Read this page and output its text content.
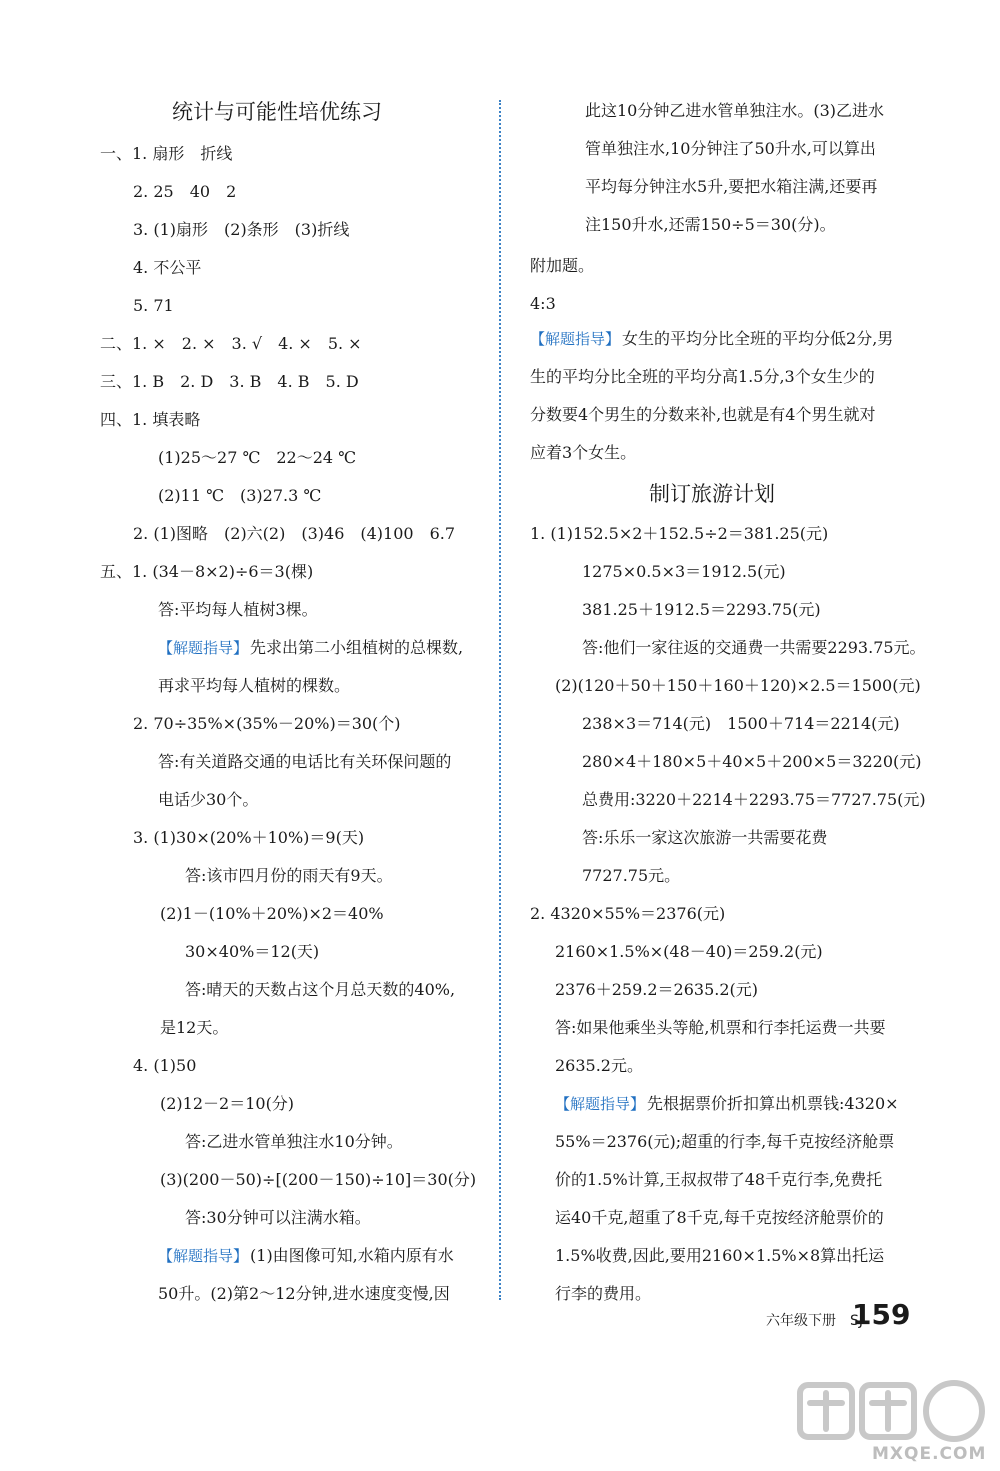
统计与可能性培优练习
一、1. 扇形　折线
2. 25　40　2
3. (1)扇形　(2)条形　(3)折线
4. 不公平
5. 71
二、1. ×　2. ×　3. √　4. ×　5. ×
三、1. B　2. D　3. B　4. B　5. D
四、1. 填表略
(1)25～27 ℃　22～24 ℃
(2)11 ℃　(3)27.3 ℃
2. (1)图略　(2)六(2)　(3)46　(4)100　6.7
五、1. (34－8×2)÷6＝3(棵)
答:平均每人植树3棵。
【解题指导】 先求出第二小组植树的总棵数,
再求平均每人植树的棵数。
2. 70÷35%×(35%－20%)＝30(个)
答:有关道路交通的电话比有关环保问题的
电话少30个。
3. (1)30×(20%＋10%)＝9(天)
答:该市四月份的雨天有9天。
(2)1－(10%＋20%)×2＝40%
30×40%＝12(天)
答:晴天的天数占这个月总天数的40%,
是12天。
4. (1)50
(2)12－2＝10(分)
答:乙进水管单独注水10分钟。
(3)(200－50)÷[(200－150)÷10]＝30(分)
答:30分钟可以注满水箱。
【解题指导】 (1)由图像可知,水箱内原有水
50升。(2)第2～12分钟,进水速度变慢,因
此这10分钟乙进水管单独注水。(3)乙进水
管单独注水,10分钟注了50升水,可以算出
平均每分钟注水5升,要把水箱注满,还要再
注150升水,还需150÷5＝30(分)。
附加题。
4:3
【解题指导】 女生的平均分比全班的平均分低2分,男
生的平均分比全班的平均分高1.5分,3个女生少的
分数要4个男生的分数来补,也就是有4个男生就对
应着3个女生。
制订旅游计划
1. (1)152.5×2＋152.5÷2＝381.25(元)
1275×0.5×3＝1912.5(元)
381.25＋1912.5＝2293.75(元)
答:他们一家往返的交通费一共需要2293.75元。
(2)(120＋50＋150＋160＋120)×2.5＝1500(元)
238×3＝714(元)　1500＋714＝2214(元)
280×4＋180×5＋40×5＋200×5＝3220(元)
总费用:3220＋2214＋2293.75＝7727.75(元)
答:乐乐一家这次旅游一共需要花费
7727.75元。
2. 4320×55%＝2376(元)
2160×1.5%×(48－40)＝259.2(元)
2376＋259.2＝2635.2(元)
答:如果他乘坐头等舱,机票和行李托运费一共要
2635.2元。
【解题指导】 先根据票价折扣算出机票钱:4320×
55%＝2376(元);超重的行李,每千克按经济舱票
价的1.5%计算,王叔叔带了48千克行李,免费托
运40千克,超重了8千克,每千克按经济舱票价的
1.5%收费,因此,要用2160×1.5%×8算出托运
行李的费用。
六年级下册　SJ
159
MXQE.COM
